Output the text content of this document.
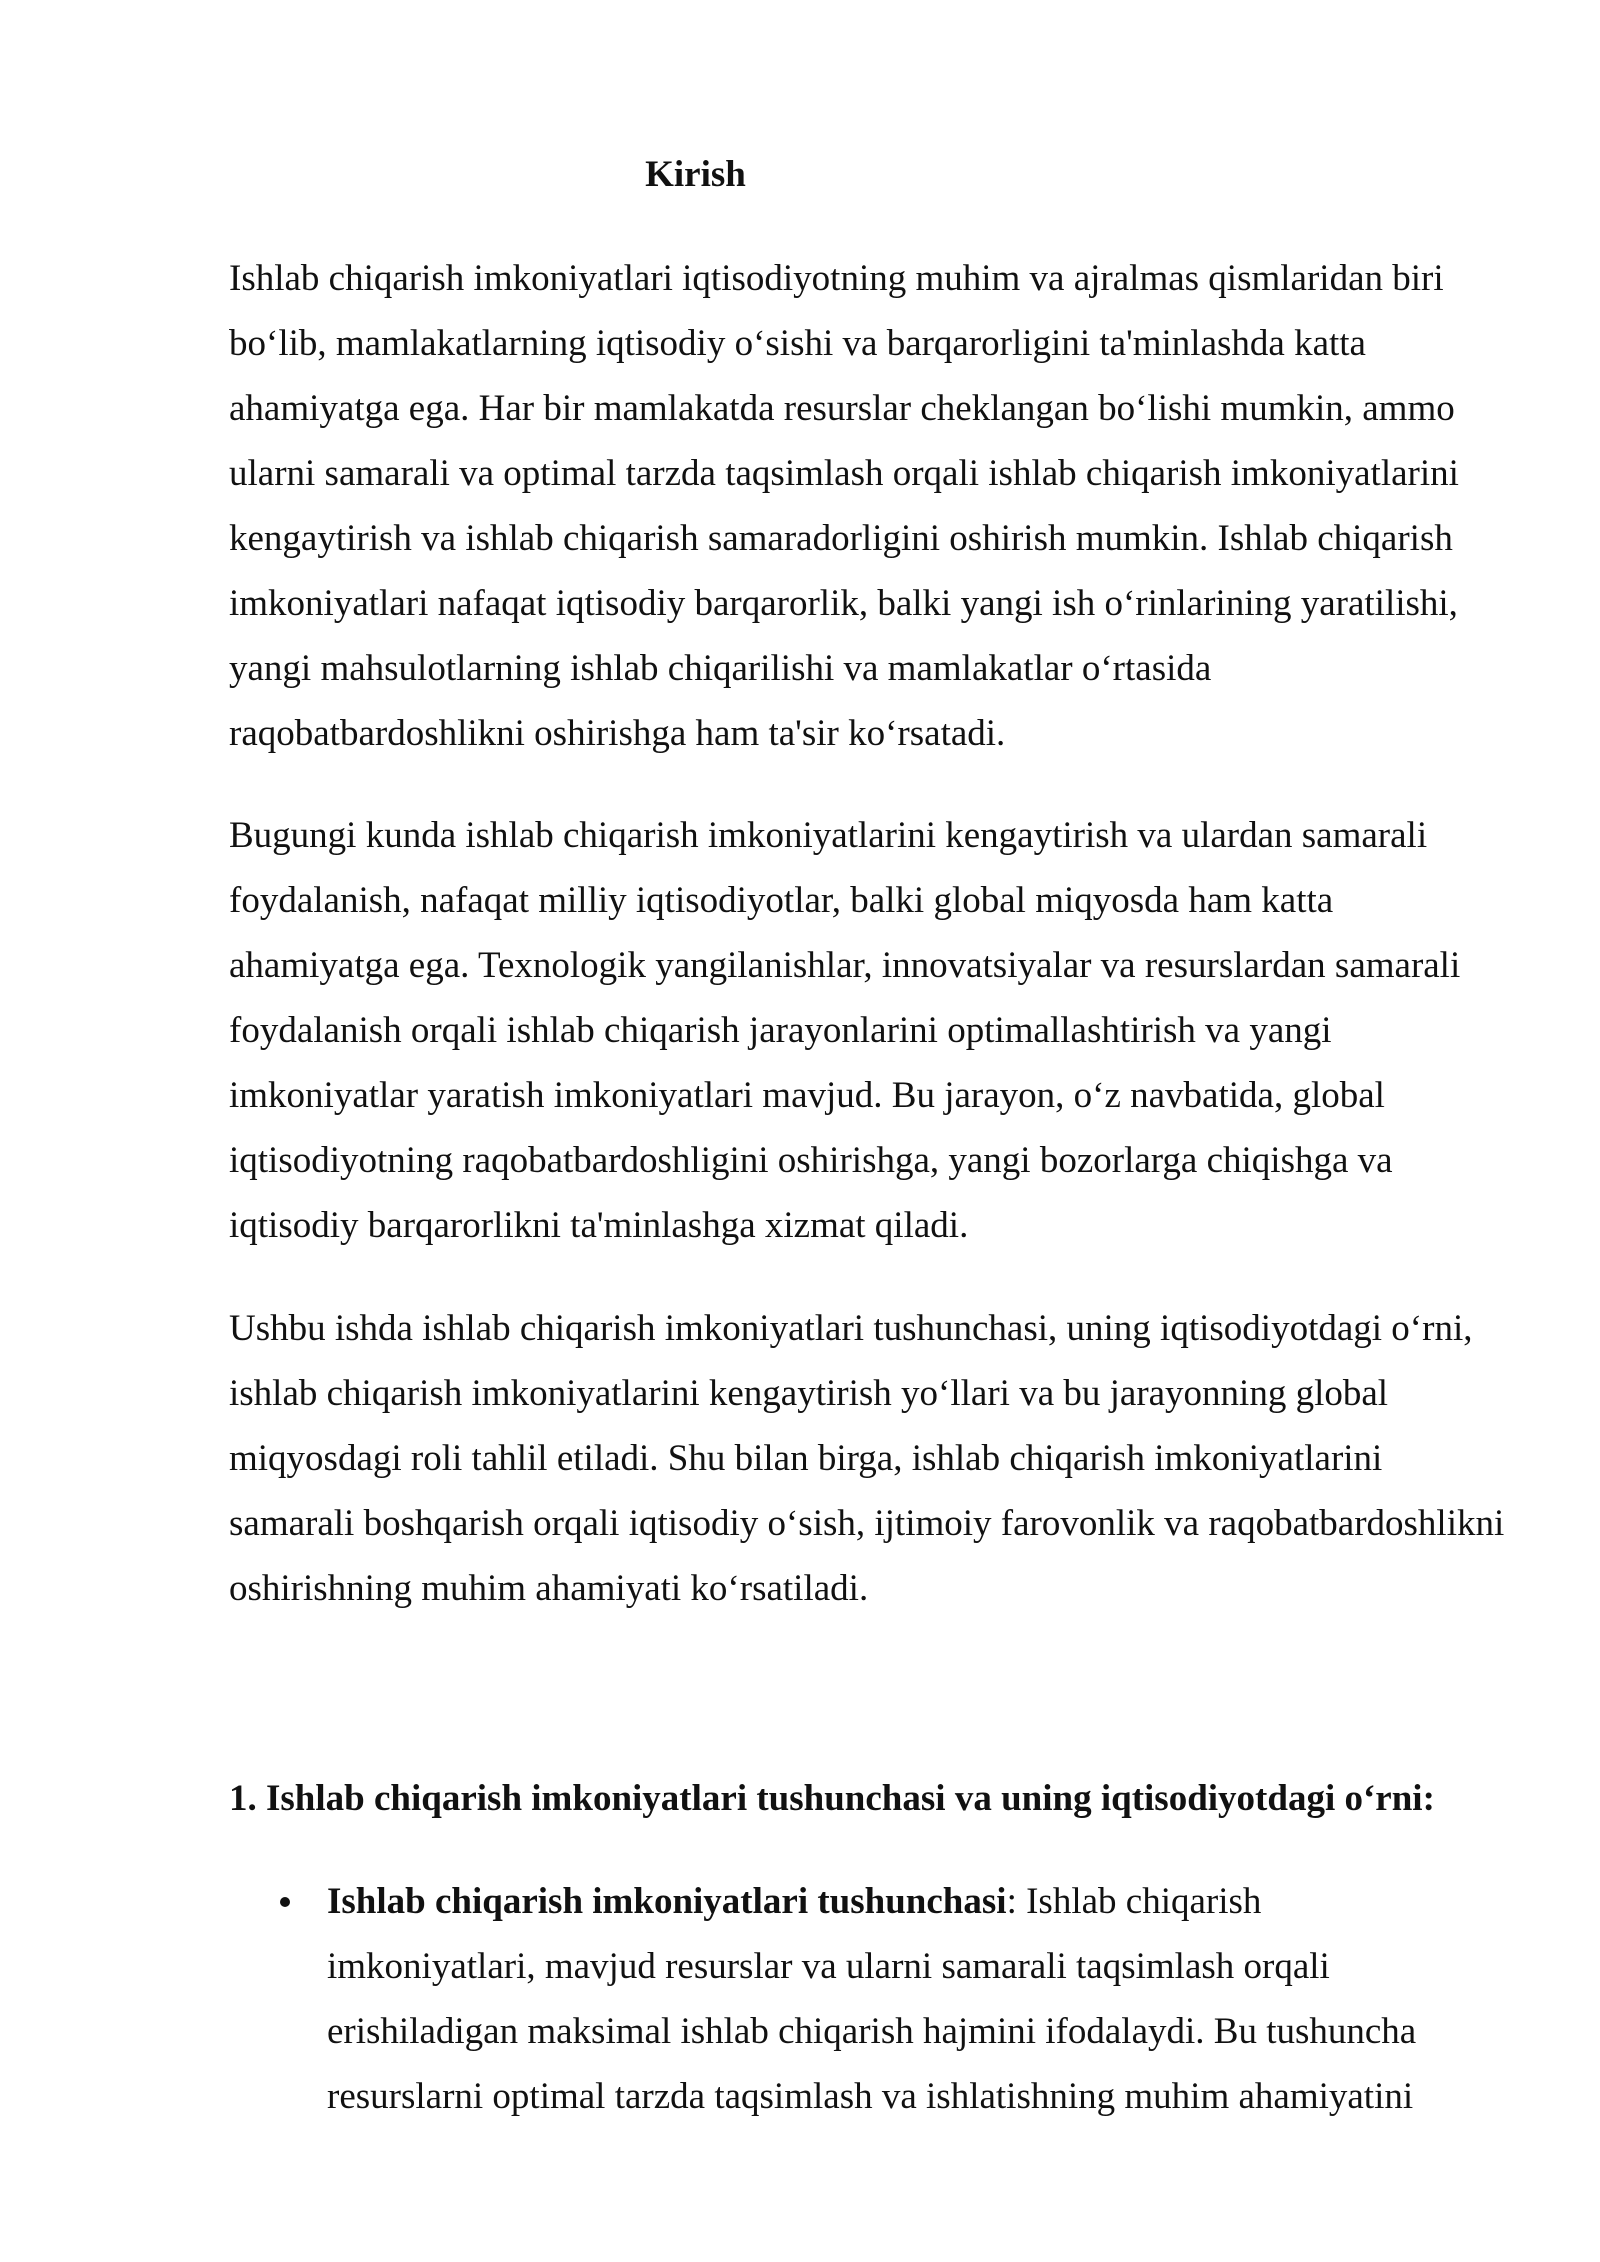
Kirish

Ishlab chiqarish imkoniyatlari iqtisodiyotning muhim va ajralmas qismlaridan biri bo‘lib, mamlakatlarning iqtisodiy o‘sishi va barqarorligini ta'minlashda katta ahamiyatga ega. Har bir mamlakatda resurslar cheklangan bo‘lishi mumkin, ammo ularni samarali va optimal tarzda taqsimlash orqali ishlab chiqarish imkoniyatlarini kengaytirish va ishlab chiqarish samaradorligini oshirish mumkin. Ishlab chiqarish imkoniyatlari nafaqat iqtisodiy barqarorlik, balki yangi ish o‘rinlarining yaratilishi, yangi mahsulotlarning ishlab chiqarilishi va mamlakatlar o‘rtasida raqobatbardoshlikni oshirishga ham ta'sir ko‘rsatadi.

Bugungi kunda ishlab chiqarish imkoniyatlarini kengaytirish va ulardan samarali foydalanish, nafaqat milliy iqtisodiyotlar, balki global miqyosda ham katta ahamiyatga ega. Texnologik yangilanishlar, innovatsiyalar va resurslardan samarali foydalanish orqali ishlab chiqarish jarayonlarini optimallashtirish va yangi imkoniyatlar yaratish imkoniyatlari mavjud. Bu jarayon, o‘z navbatida, global iqtisodiyotning raqobatbardoshligini oshirishga, yangi bozorlarga chiqishga va iqtisodiy barqarorlikni ta'minlashga xizmat qiladi.

Ushbu ishda ishlab chiqarish imkoniyatlari tushunchasi, uning iqtisodiyotdagi o‘rni, ishlab chiqarish imkoniyatlarini kengaytirish yo‘llari va bu jarayonning global miqyosdagi roli tahlil etiladi. Shu bilan birga, ishlab chiqarish imkoniyatlarini samarali boshqarish orqali iqtisodiy o‘sish, ijtimoiy farovonlik va raqobatbardoshlikni oshirishning muhim ahamiyati ko‘rsatiladi.

1. Ishlab chiqarish imkoniyatlari tushunchasi va uning iqtisodiyotdagi o‘rni:
Ishlab chiqarish imkoniyatlari tushunchasi: Ishlab chiqarish imkoniyatlari, mavjud resurslar va ularni samarali taqsimlash orqali erishiladigan maksimal ishlab chiqarish hajmini ifodalaydi. Bu tushuncha resurslarni optimal tarzda taqsimlash va ishlatishning muhim ahamiyatini
